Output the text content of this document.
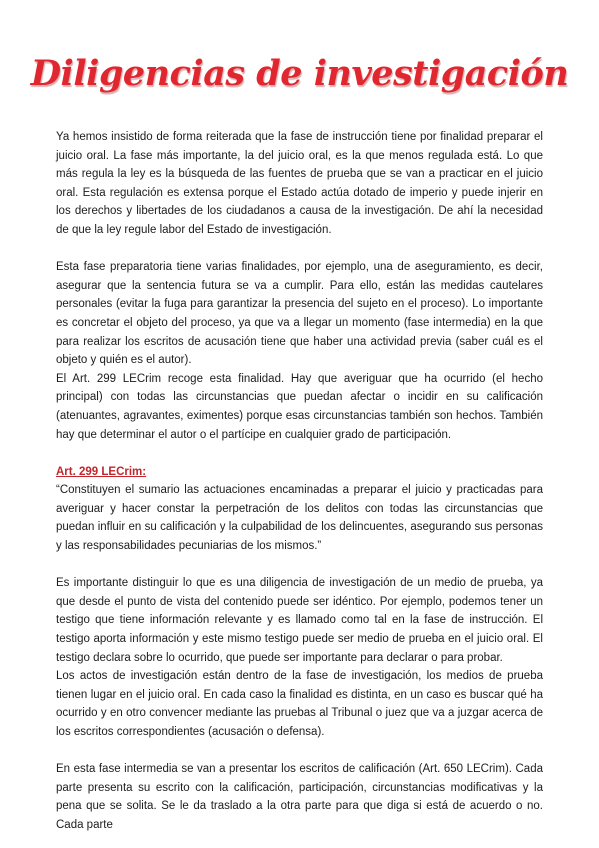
Diligencias de investigación

Ya hemos insistido de forma reiterada que la fase de instrucción tiene por finalidad preparar el juicio oral. La fase más importante, la del juicio oral, es la que menos regulada está. Lo que más regula la ley es la búsqueda de las fuentes de prueba que se van a practicar en el juicio oral. Esta regulación es extensa porque el Estado actúa dotado de imperio y puede injerir en los derechos y libertades de los ciudadanos a causa de la investigación. De ahí la necesidad de que la ley regule labor del Estado de investigación.

Esta fase preparatoria tiene varias finalidades, por ejemplo, una de aseguramiento, es decir, asegurar que la sentencia futura se va a cumplir. Para ello, están las medidas cautelares personales (evitar la fuga para garantizar la presencia del sujeto en el proceso). Lo importante es concretar el objeto del proceso, ya que va a llegar un momento (fase intermedia) en la que para realizar los escritos de acusación tiene que haber una actividad previa (saber cuál es el objeto y quién es el autor).

El Art. 299 LECrim recoge esta finalidad. Hay que averiguar que ha ocurrido (el hecho principal) con todas las circunstancias que puedan afectar o incidir en su calificación (atenuantes, agravantes, eximentes) porque esas circunstancias también son hechos. También hay que determinar el autor o el partícipe en cualquier grado de participación.

Art. 299 LECrim:

“Constituyen el sumario las actuaciones encaminadas a preparar el juicio y practicadas para averiguar y hacer constar la perpetración de los delitos con todas las circunstancias que puedan influir en su calificación y la culpabilidad de los delincuentes, asegurando sus personas y las responsabilidades pecuniarias de los mismos.”

Es importante distinguir lo que es una diligencia de investigación de un medio de prueba, ya que desde el punto de vista del contenido puede ser idéntico. Por ejemplo, podemos tener un testigo que tiene información relevante y es llamado como tal en la fase de instrucción. El testigo aporta información y este mismo testigo puede ser medio de prueba en el juicio oral. El testigo declara sobre lo ocurrido, que puede ser importante para declarar o para probar.

Los actos de investigación están dentro de la fase de investigación, los medios de prueba tienen lugar en el juicio oral. En cada caso la finalidad es distinta, en un caso es buscar qué ha ocurrido y en otro convencer mediante las pruebas al Tribunal o juez que va a juzgar acerca de los escritos correspondientes (acusación o defensa).

En esta fase intermedia se van a presentar los escritos de calificación (Art. 650 LECrim). Cada parte presenta su escrito con la calificación, participación, circunstancias modificativas y la pena que se solita. Se le da traslado a la otra parte para que diga si está de acuerdo o no. Cada parte
